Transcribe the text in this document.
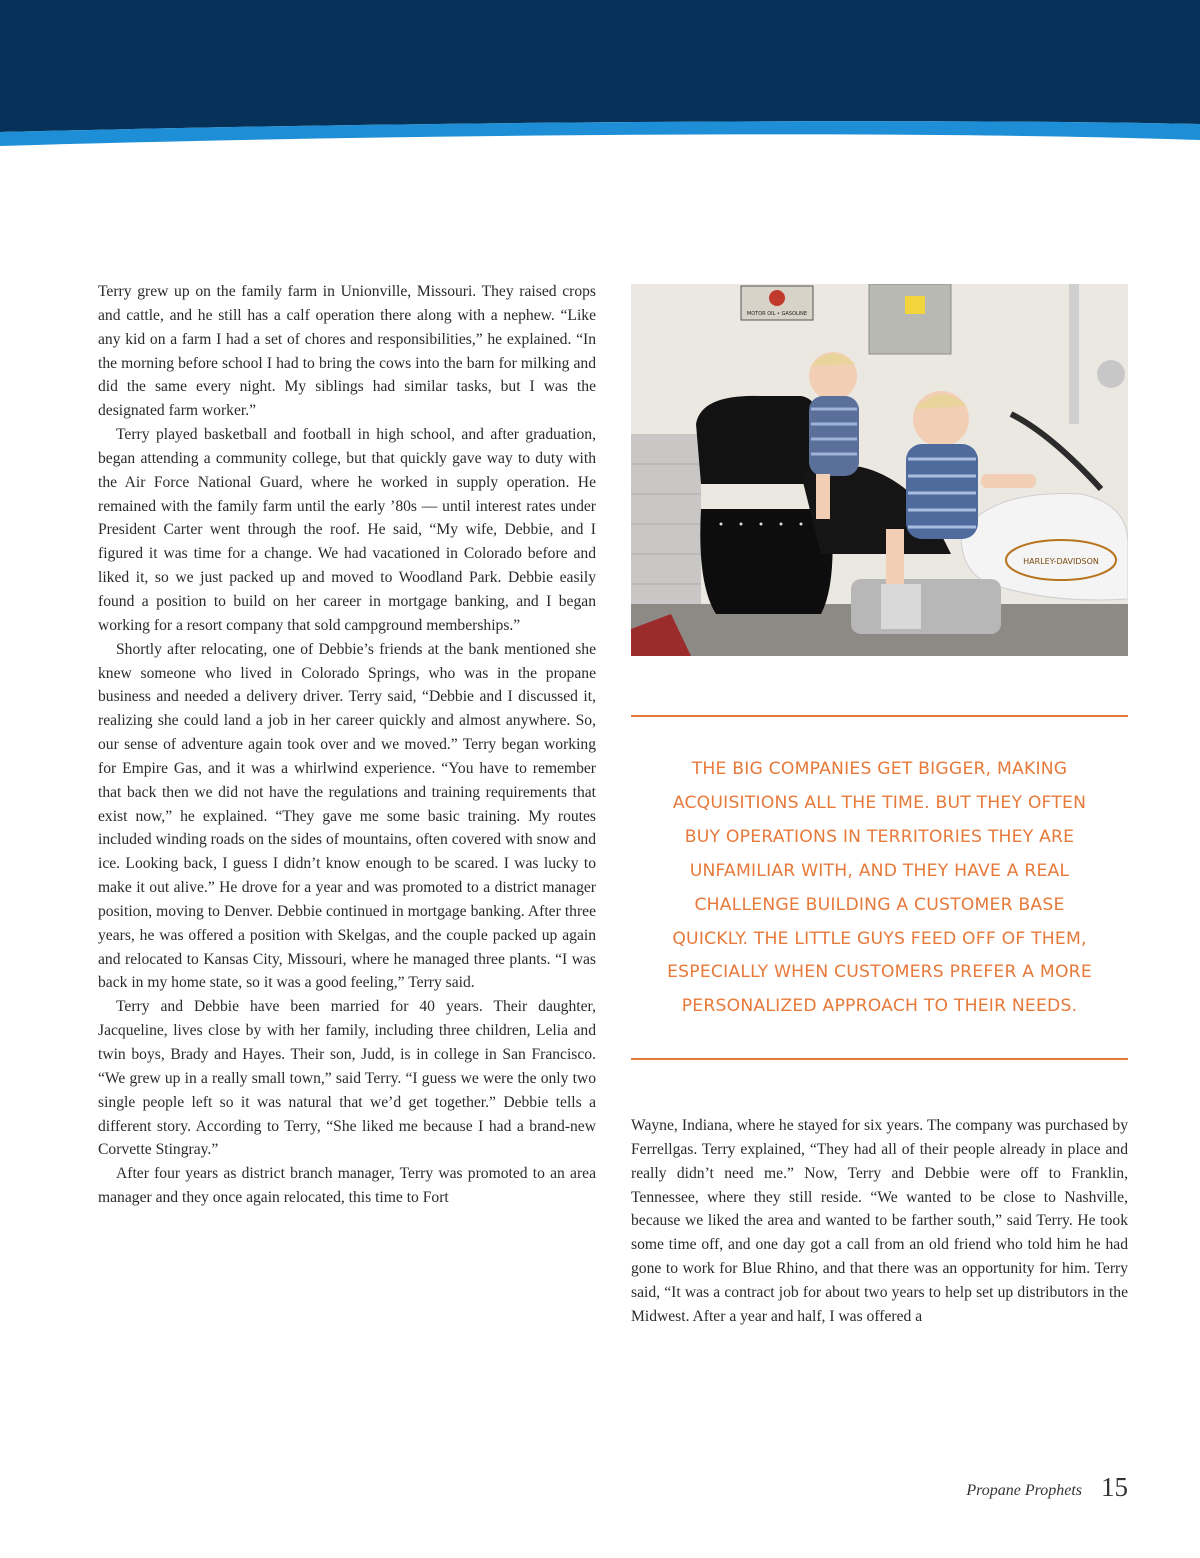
Terry grew up on the family farm in Unionville, Missouri. They raised crops and cattle, and he still has a calf operation there along with a nephew. “Like any kid on a farm I had a set of chores and responsibilities,” he explained. “In the morning before school I had to bring the cows into the barn for milking and did the same every night. My siblings had similar tasks, but I was the designated farm worker.”

Terry played basketball and football in high school, and after graduation, began attending a community college, but that quickly gave way to duty with the Air Force National Guard, where he worked in supply operation. He remained with the family farm until the early ’80s — until interest rates under President Carter went through the roof. He said, “My wife, Debbie, and I figured it was time for a change. We had vacationed in Colorado before and liked it, so we just packed up and moved to Woodland Park. Debbie easily found a position to build on her career in mortgage banking, and I began working for a resort company that sold campground memberships.”

Shortly after relocating, one of Debbie’s friends at the bank mentioned she knew someone who lived in Colorado Springs, who was in the propane business and needed a delivery driver. Terry said, “Debbie and I discussed it, realizing she could land a job in her career quickly and almost anywhere. So, our sense of adventure again took over and we moved.” Terry began working for Empire Gas, and it was a whirlwind experience. “You have to remember that back then we did not have the regulations and training requirements that exist now,” he explained. “They gave me some basic training. My routes included winding roads on the sides of mountains, often covered with snow and ice. Looking back, I guess I didn’t know enough to be scared. I was lucky to make it out alive.” He drove for a year and was promoted to a district manager position, moving to Denver. Debbie continued in mortgage banking. After three years, he was offered a position with Skelgas, and the couple packed up again and relocated to Kansas City, Missouri, where he managed three plants. “I was back in my home state, so it was a good feeling,” Terry said.

Terry and Debbie have been married for 40 years. Their daughter, Jacqueline, lives close by with her family, including three children, Lelia and twin boys, Brady and Hayes. Their son, Judd, is in college in San Francisco. “We grew up in a really small town,” said Terry. “I guess we were the only two single people left so it was natural that we’d get together.” Debbie tells a different story. According to Terry, “She liked me because I had a brand-new Corvette Stingray.”

After four years as district branch manager, Terry was promoted to an area manager and they once again relocated, this time to Fort

MOTOR OIL • GASOLINE
HARLEY-DAVIDSON
THE BIG COMPANIES GET BIGGER, MAKING
ACQUISITIONS ALL THE TIME. BUT THEY OFTEN
BUY OPERATIONS IN TERRITORIES THEY ARE
UNFAMILIAR WITH, AND THEY HAVE A REAL
CHALLENGE BUILDING A CUSTOMER BASE
QUICKLY. THE LITTLE GUYS FEED OFF OF THEM,
ESPECIALLY WHEN CUSTOMERS PREFER A MORE
PERSONALIZED APPROACH TO THEIR NEEDS.

Wayne, Indiana, where he stayed for six years. The company was purchased by Ferrellgas. Terry explained, “They had all of their people already in place and really didn’t need me.” Now, Terry and Debbie were off to Franklin, Tennessee, where they still reside. “We wanted to be close to Nashville, because we liked the area and wanted to be farther south,” said Terry. He took some time off, and one day got a call from an old friend who told him he had gone to work for Blue Rhino, and that there was an opportunity for him. Terry said, “It was a contract job for about two years to help set up distributors in the Midwest. After a year and half, I was offered a

Propane Prophets 15
